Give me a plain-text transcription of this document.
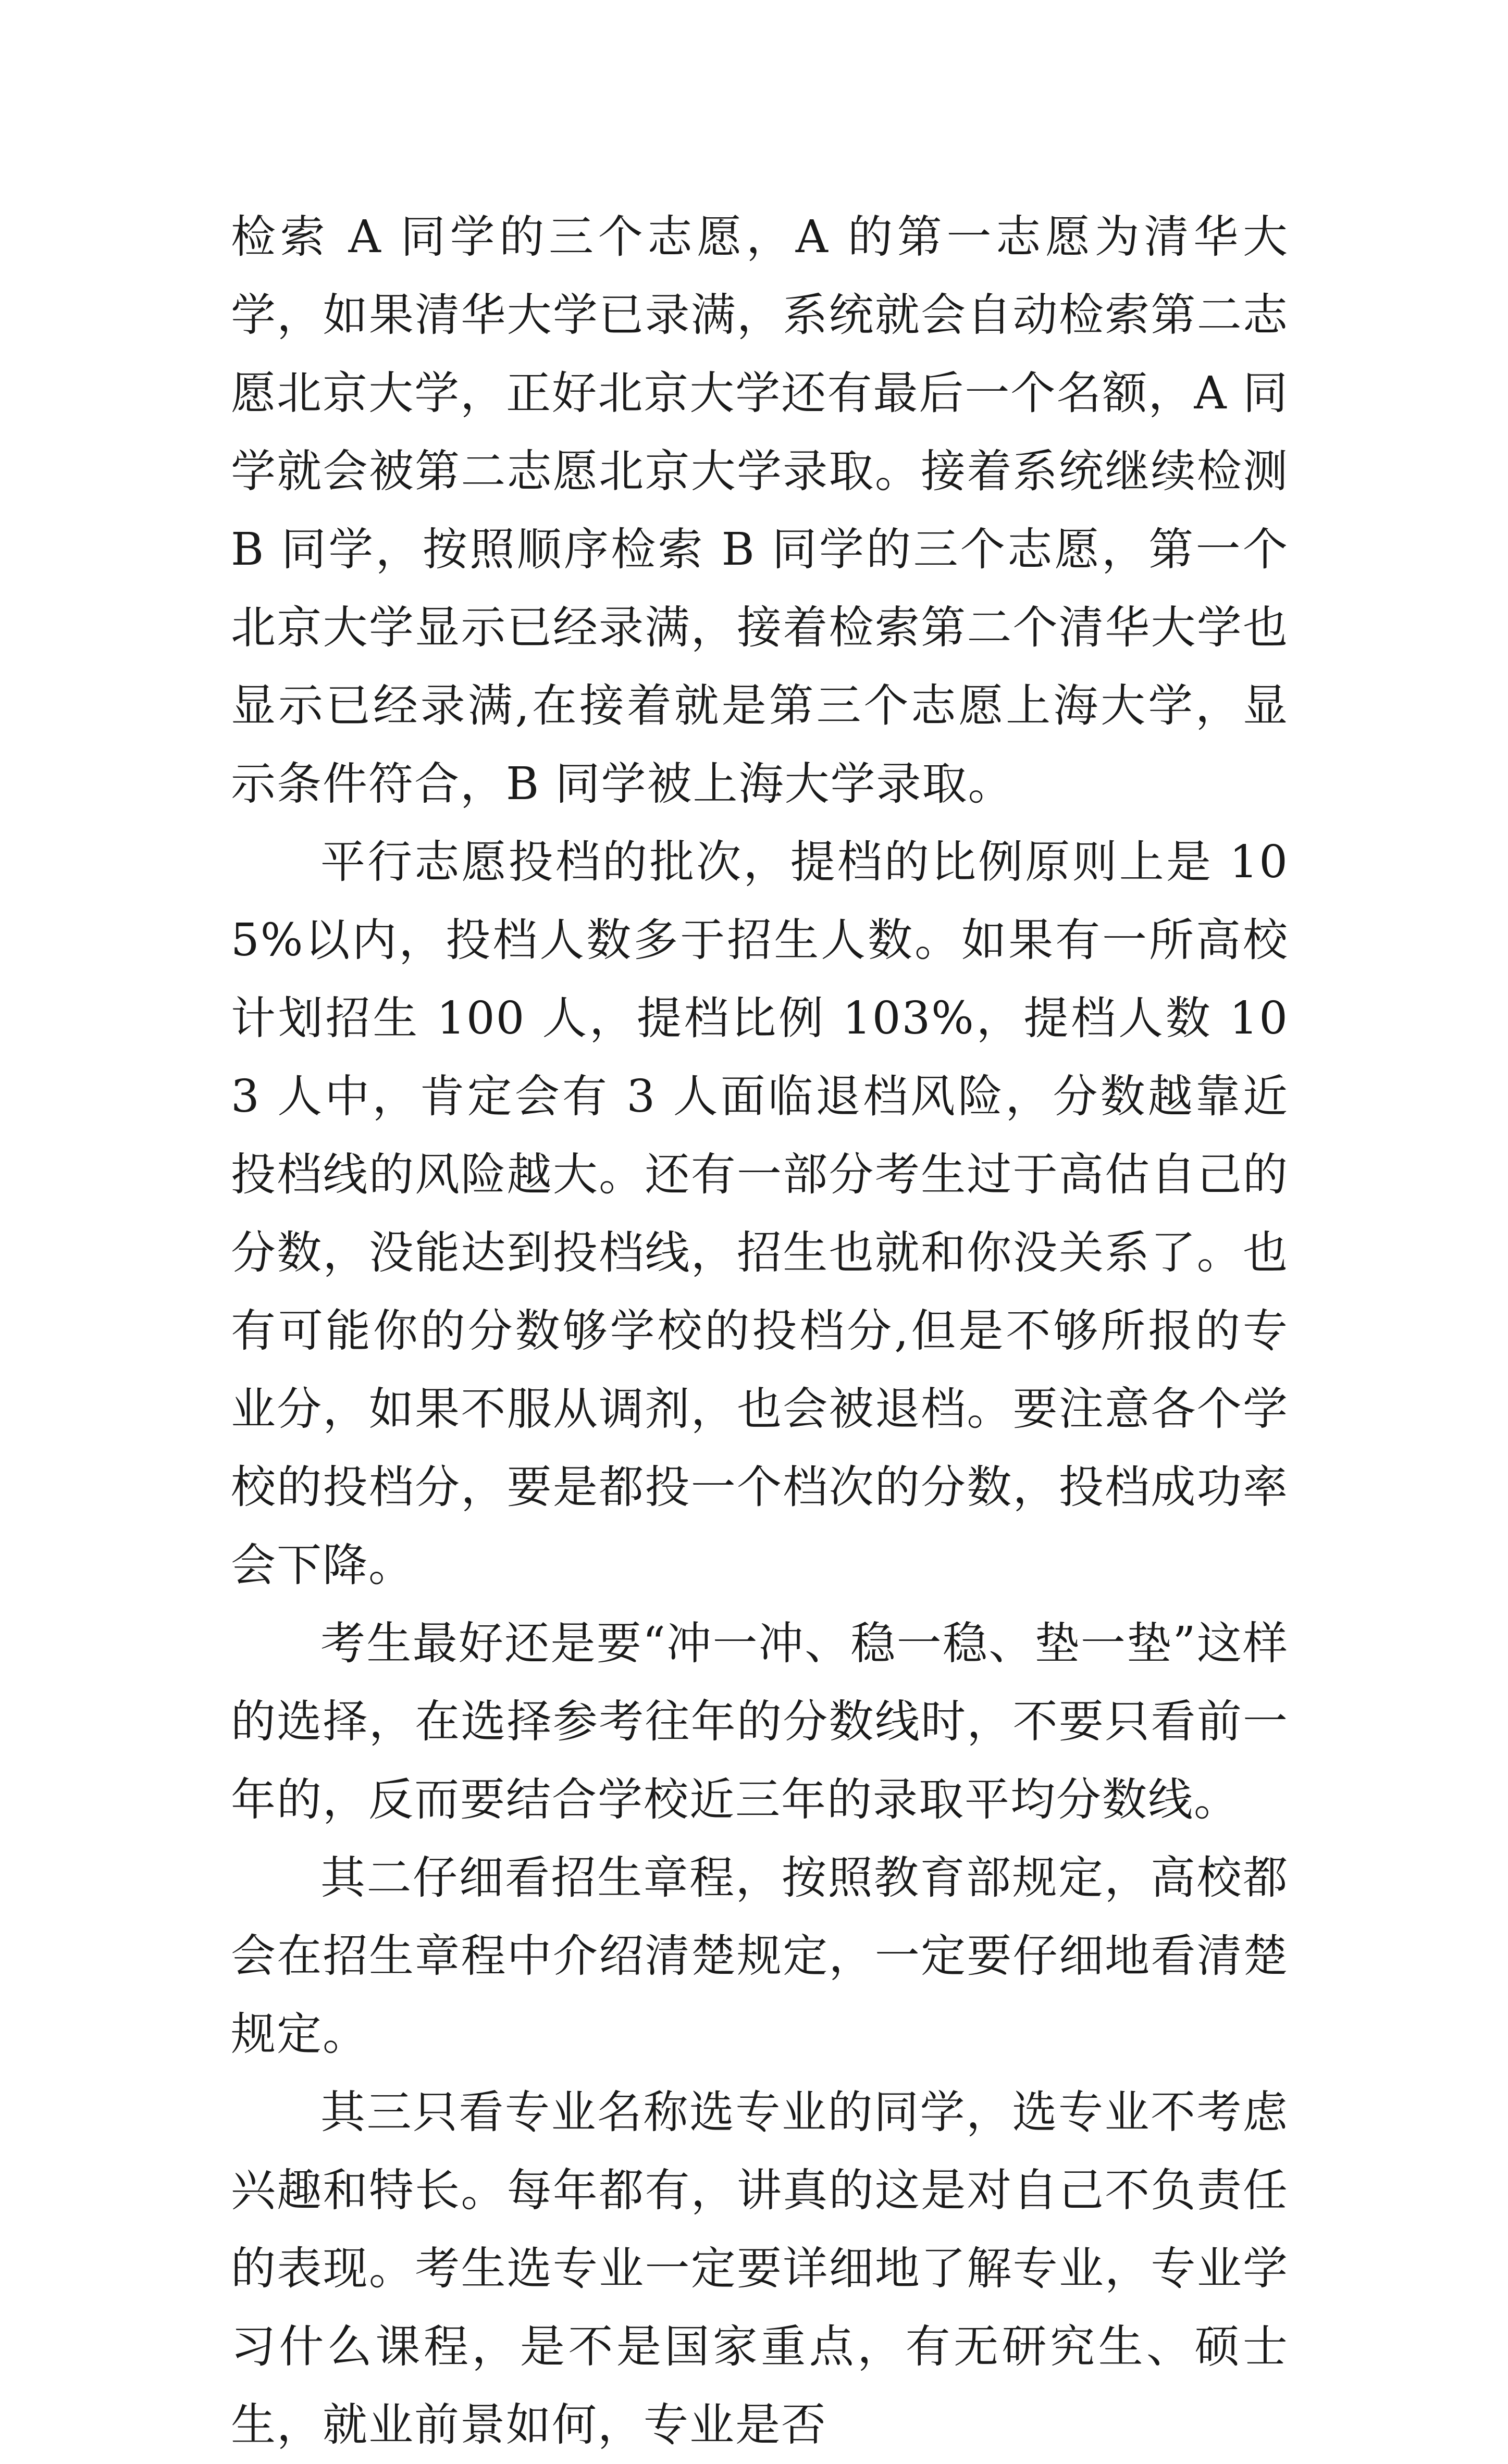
检索 A 同学的三个志愿，A 的第一志愿为清华大学，如果清华大学已录满，系统就会自动检索第二志愿北京大学，正好北京大学还有最后一个名额，A 同学就会被第二志愿北京大学录取。接着系统继续检测 B 同学，按照顺序检索 B 同学的三个志愿，第一个北京大学显示已经录满，接着检索第二个清华大学也显示已经录满,在接着就是第三个志愿上海大学，显示条件符合，B 同学被上海大学录取。

平行志愿投档的批次，提档的比例原则上是 105%以内，投档人数多于招生人数。如果有一所高校计划招生 100 人，提档比例 103%，提档人数 103 人中，肯定会有 3 人面临退档风险，分数越靠近投档线的风险越大。还有一部分考生过于高估自己的分数，没能达到投档线，招生也就和你没关系了。也有可能你的分数够学校的投档分,但是不够所报的专业分，如果不服从调剂，也会被退档。要注意各个学校的投档分，要是都投一个档次的分数，投档成功率会下降。

考生最好还是要“冲一冲、稳一稳、垫一垫”这样的选择，在选择参考往年的分数线时，不要只看前一年的，反而要结合学校近三年的录取平均分数线。

其二仔细看招生章程，按照教育部规定，高校都会在招生章程中介绍清楚规定，一定要仔细地看清楚规定。

其三只看专业名称选专业的同学，选专业不考虑兴趣和特长。每年都有，讲真的这是对自己不负责任的表现。考生选专业一定要详细地了解专业，专业学习什么课程，是不是国家重点，有无研究生、硕士生，就业前景如何，专业是否
